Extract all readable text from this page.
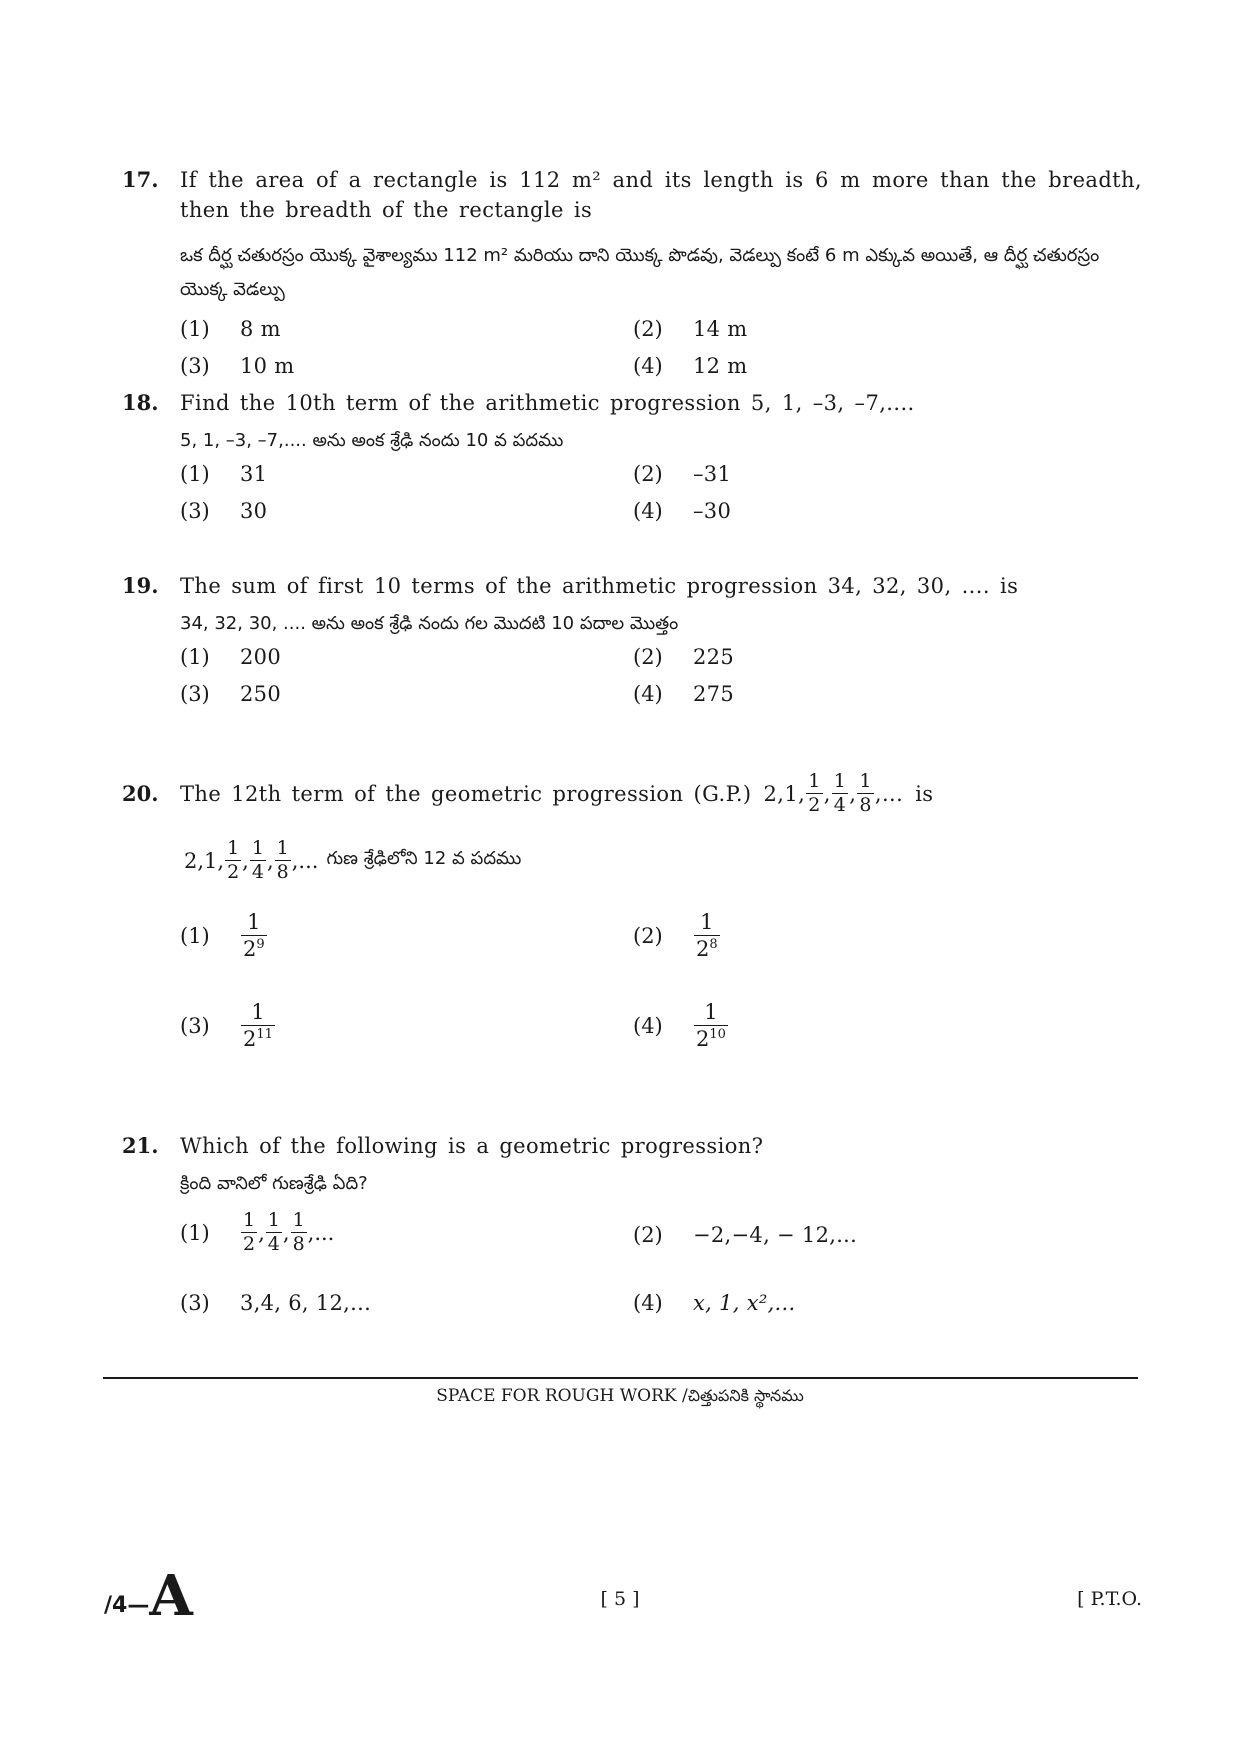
17.	If the area of a rectangle is 112 m² and its length is 6 m more than the breadth, then the breadth of the rectangle is
ఒక దీర్ఘ చతురస్రం యొక్క వైశాల్యము 112 m² మరియు దాని యొక్క పొడవు, వెడల్పు కంటే 6 m ఎక్కువ అయితే, ఆ దీర్ఘ చతురస్రం యొక్క వెడల్పు
(1)	8 m	(2)	14 m
(3)	10 m	(4)	12 m
18.	Find the 10th term of the arithmetic progression 5, 1, –3, –7,....
5, 1, –3, –7,.... అను అంక శ్రేఢి నందు 10 వ పదము
(1)	31	(2)	–31
(3)	30	(4)	–30
19.	The sum of first 10 terms of the arithmetic progression 34, 32, 30, .... is
34, 32, 30, .... అను అంక శ్రేఢి నందు గల మొదటి 10 పదాల మొత్తం
(1)	200	(2)	225
(3)	250	(4)	275
20.	The 12th term of the geometric progression (G.P.) 2,1, $\frac{1}{2}$ , $\frac{1}{4}$ , $\frac{1}{8}$ ,... is
2,1, $\frac{1}{2}$ , $\frac{1}{4}$ , $\frac{1}{8}$ ,... గుణ శ్రేఢిలోని 12 వ పదము
(1)	$\frac{1}{2^9}$	(2)	$\frac{1}{2^8}$
(3)	$\frac{1}{2^{11}}$	(4)	$\frac{1}{2^{10}}$
21.	Which of the following is a geometric progression?
క్రింది వానిలో గుణశ్రేఢి ఏది?
(1)	$\frac{1}{2}$ , $\frac{1}{4}$ , $\frac{1}{8}$ ,...	(2)	−2,−4, − 12,...
(3)	3,4, 6, 12,...	(4)	x, 1, x²,...
SPACE FOR ROUGH WORK /చిత్తుపనికి స్థానము
/4— A	[ 5 ]	[ P.T.O.
